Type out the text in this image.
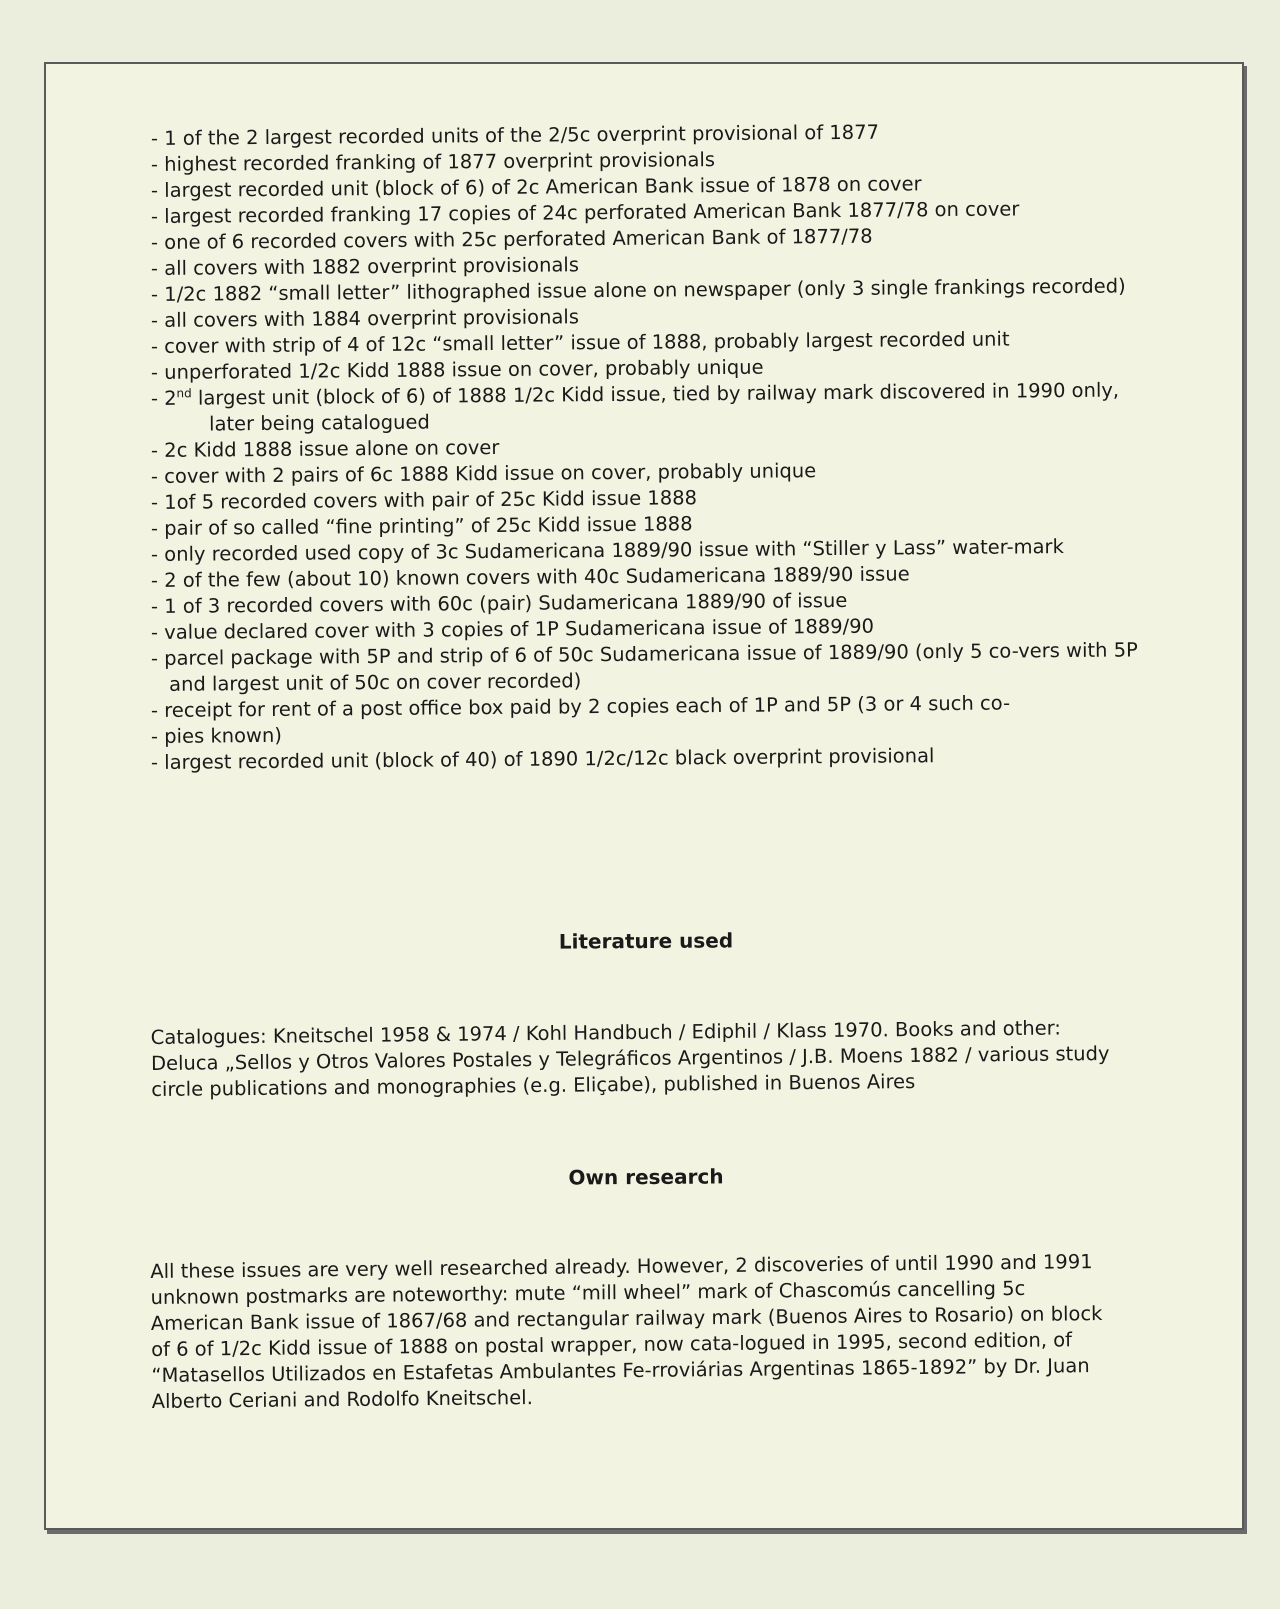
- 1 of the 2 largest recorded units of the 2/5c overprint provisional of 1877
- highest recorded franking of 1877 overprint provisionals
- largest recorded unit (block of 6) of 2c American Bank issue of 1878 on cover
- largest recorded franking 17 copies of 24c perforated American Bank 1877/78 on cover
- one of 6 recorded covers with 25c perforated American Bank of 1877/78
- all covers with 1882 overprint provisionals
- 1/2c 1882 “small letter” lithographed issue alone on newspaper (only 3 single frankings recorded)
- all covers with 1884 overprint provisionals
- cover with strip of 4 of 12c “small letter” issue of 1888, probably largest recorded unit
- unperforated 1/2c Kidd 1888 issue on cover, probably unique
- 2nd largest unit (block of 6) of 1888 1/2c Kidd issue, tied by railway mark discovered in 1990 only, later being catalogued
- 2c Kidd 1888 issue alone on cover
- cover with 2 pairs of 6c 1888 Kidd issue on cover, probably unique
- 1of 5 recorded covers with pair of 25c Kidd issue 1888
- pair of so called “fine printing” of 25c Kidd issue 1888
- only recorded used copy of 3c Sudamericana 1889/90 issue with “Stiller y Lass” water-mark
- 2 of the few (about 10) known covers with 40c Sudamericana 1889/90 issue
- 1 of 3 recorded covers with 60c (pair) Sudamericana 1889/90 of issue
- value declared cover with 3 copies of 1P Sudamericana issue of 1889/90
- parcel package with 5P and strip of 6 of 50c Sudamericana issue of 1889/90 (only 5 co-vers with 5P and largest unit of 50c on cover recorded)
- receipt for rent of a post office box paid by 2 copies each of 1P and 5P (3 or 4 such co-
- pies known)
- largest recorded unit (block of 40) of 1890 1/2c/12c black overprint provisional
Literature used

Catalogues: Kneitschel 1958 & 1974 / Kohl Handbuch / Ediphil / Klass 1970. Books and other: Deluca „Sellos y Otros Valores Postales y Telegráficos Argentinos / J.B. Moens 1882 / various study circle publications and monographies (e.g. Eliçabe), published in Buenos Aires

Own research

All these issues are very well researched already. However, 2 discoveries of until 1990 and 1991 unknown postmarks are noteworthy: mute “mill wheel” mark of Chascomús cancelling 5c American Bank issue of 1867/68 and rectangular railway mark (Buenos Aires to Rosario) on block of 6 of 1/2c Kidd issue of 1888 on postal wrapper, now cata-logued in 1995, second edition, of “Matasellos Utilizados en Estafetas Ambulantes Fe-rroviárias Argentinas 1865-1892” by Dr. Juan Alberto Ceriani and Rodolfo Kneitschel.
